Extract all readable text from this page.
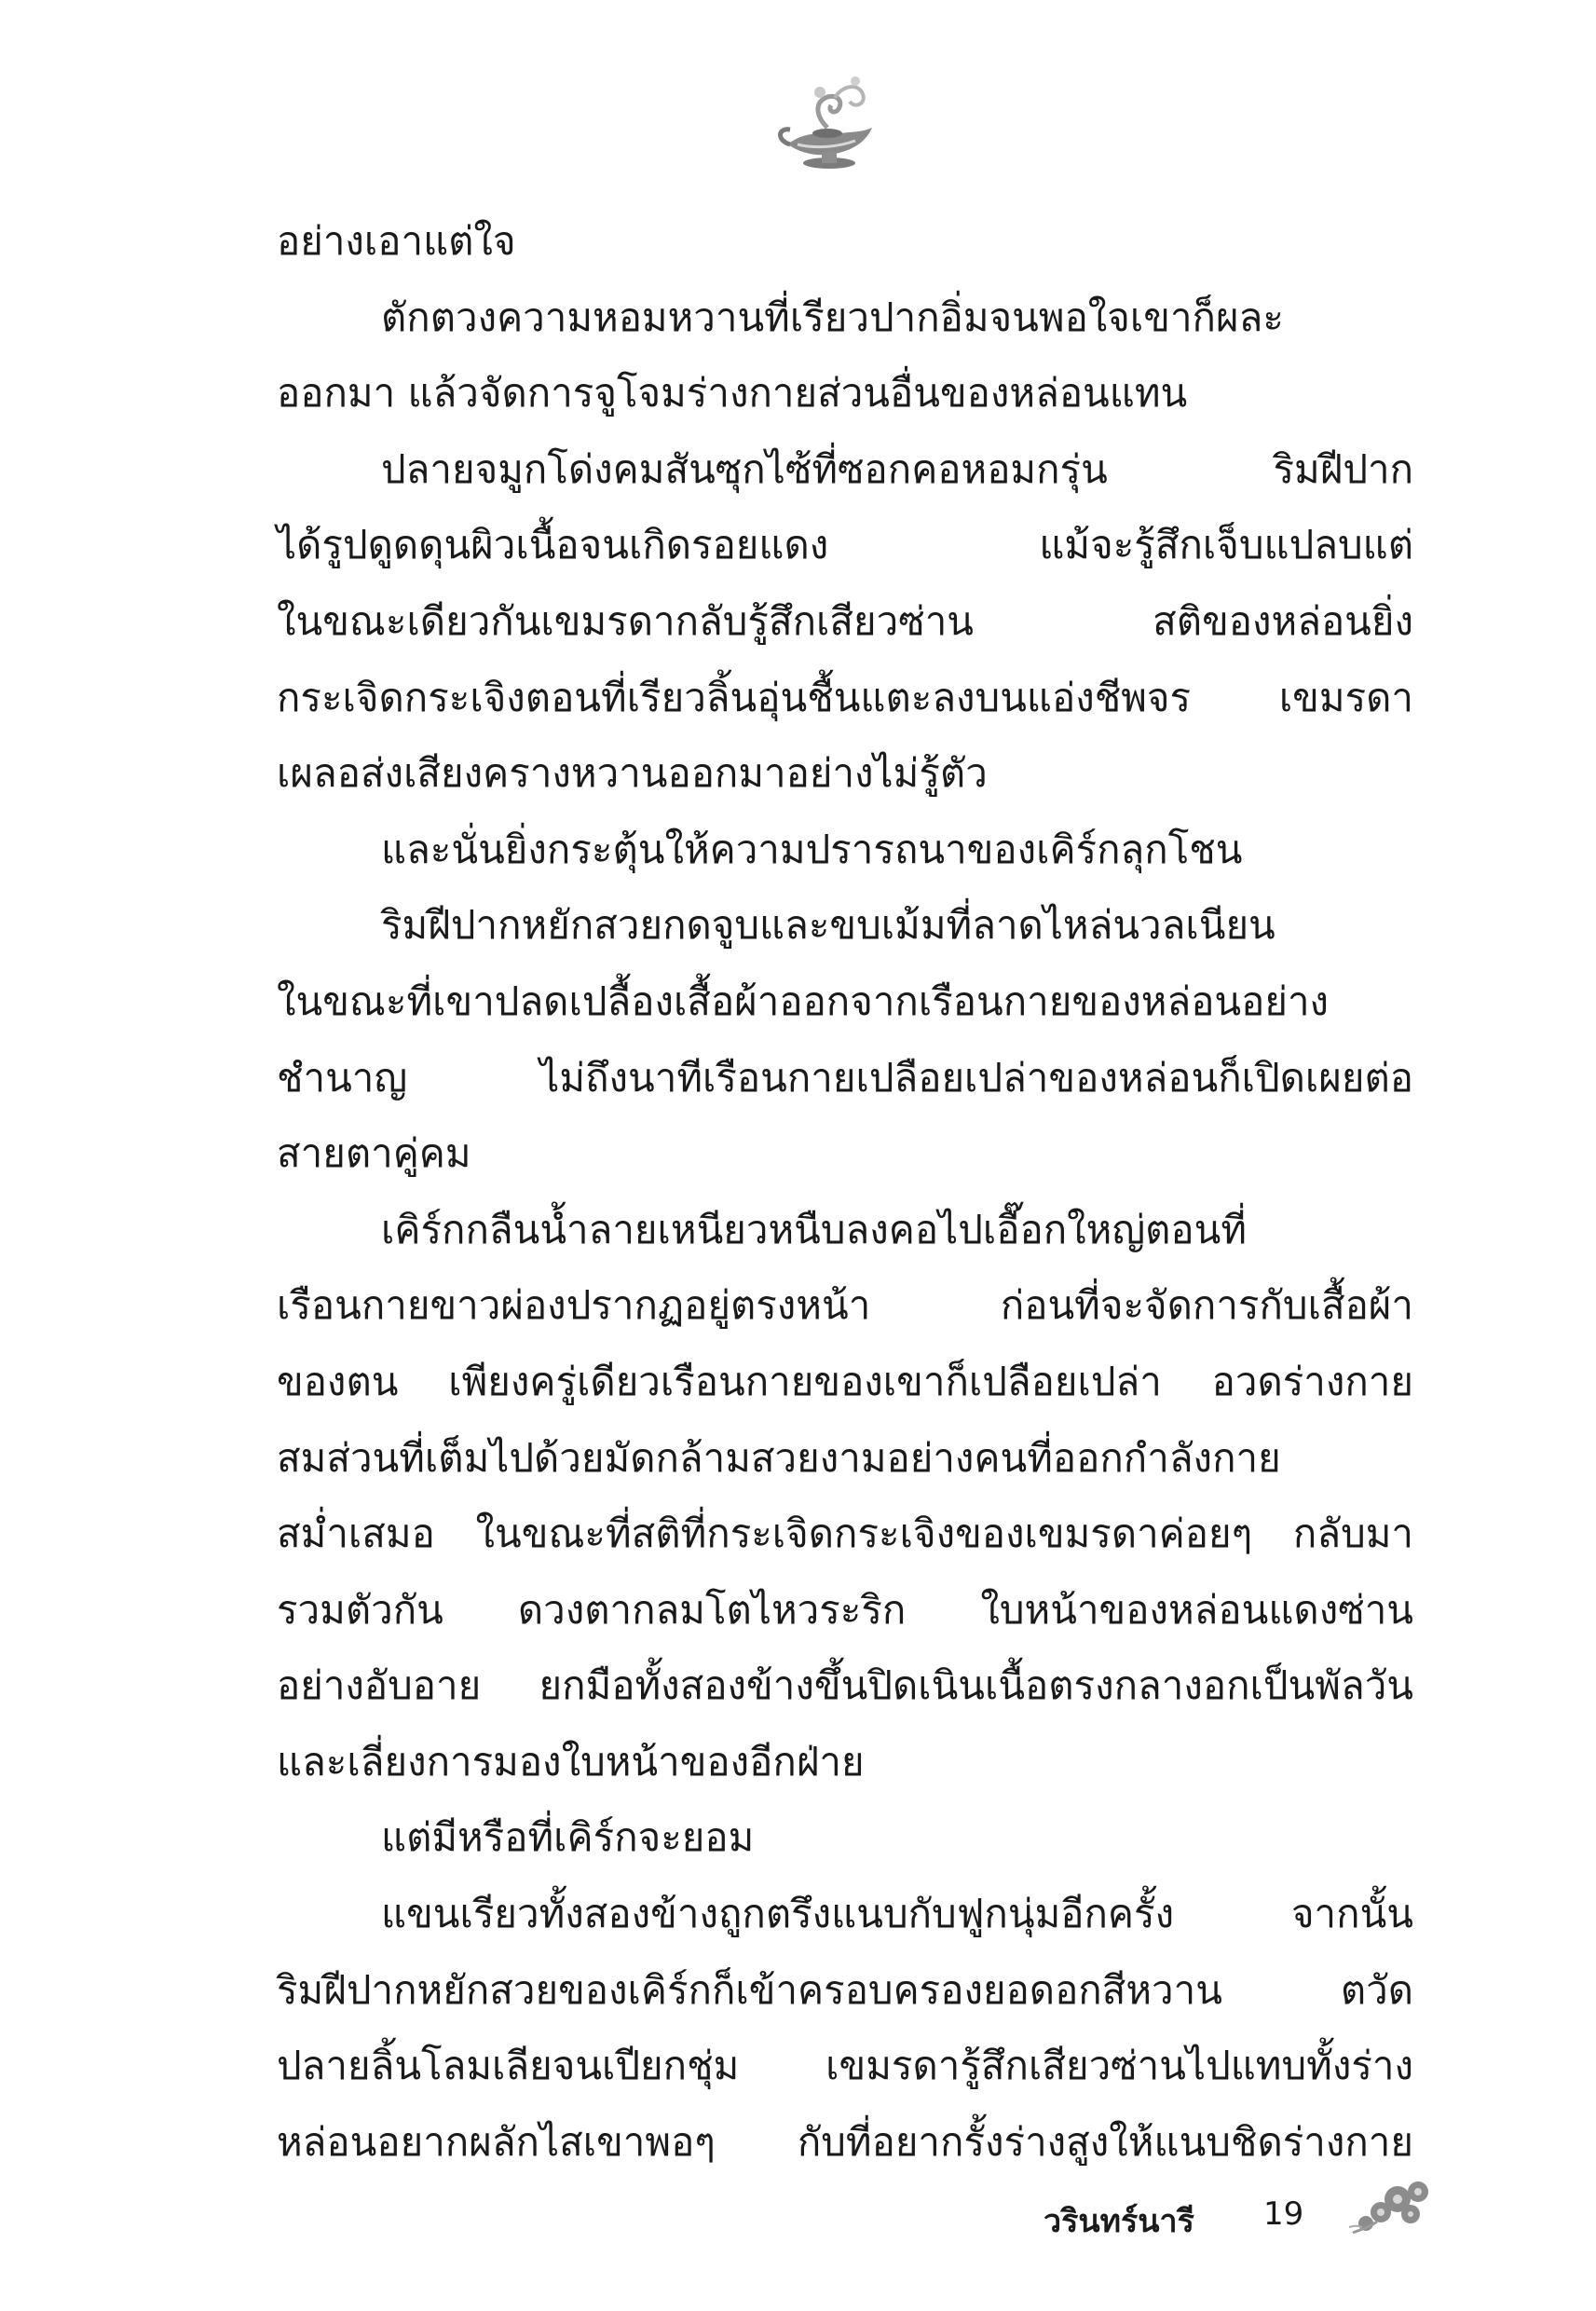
อย่างเอาแต่ใจ
ตักตวงความหอมหวานที่เรียวปากอิ่มจนพอใจเขาก็ผละ
ออกมา แล้วจัดการจูโจมร่างกายส่วนอื่นของหล่อนแทน
ปลายจมูกโด่งคมสันซุกไซ้ที่ซอกคอหอมกรุ่น ริมฝีปาก
ได้รูปดูดดุนผิวเนื้อจนเกิดรอยแดง แม้จะรู้สึกเจ็บแปลบแต่
ในขณะเดียวกันเขมรดากลับรู้สึกเสียวซ่าน สติของหล่อนยิ่ง
กระเจิดกระเจิงตอนที่เรียวลิ้นอุ่นชื้นแตะลงบนแอ่งชีพจร เขมรดา
เผลอส่งเสียงครางหวานออกมาอย่างไม่รู้ตัว
และนั่นยิ่งกระตุ้นให้ความปรารถนาของเคิร์กลุกโชน
ริมฝีปากหยักสวยกดจูบและขบเม้มที่ลาดไหล่นวลเนียน
ในขณะที่เขาปลดเปลื้องเสื้อผ้าออกจากเรือนกายของหล่อนอย่าง
ชำนาญ ไม่ถึงนาทีเรือนกายเปลือยเปล่าของหล่อนก็เปิดเผยต่อ
สายตาคู่คม
เคิร์กกลืนน้ำลายเหนียวหนืบลงคอไปเอื๊อกใหญ่ตอนที่
เรือนกายขาวผ่องปรากฏอยู่ตรงหน้า ก่อนที่จะจัดการกับเสื้อผ้า
ของตน เพียงครู่เดียวเรือนกายของเขาก็เปลือยเปล่า อวดร่างกาย
สมส่วนที่เต็มไปด้วยมัดกล้ามสวยงามอย่างคนที่ออกกำลังกาย
สม่ำเสมอ ในขณะที่สติที่กระเจิดกระเจิงของเขมรดาค่อยๆ กลับมา
รวมตัวกัน ดวงตากลมโตไหวระริก ใบหน้าของหล่อนแดงซ่าน
อย่างอับอาย ยกมือทั้งสองข้างขึ้นปิดเนินเนื้อตรงกลางอกเป็นพัลวัน
และเลี่ยงการมองใบหน้าของอีกฝ่าย
แต่มีหรือที่เคิร์กจะยอม
แขนเรียวทั้งสองข้างถูกตรึงแนบกับฟูกนุ่มอีกครั้ง จากนั้น
ริมฝีปากหยักสวยของเคิร์กก็เข้าครอบครองยอดอกสีหวาน ตวัด
ปลายลิ้นโลมเลียจนเปียกชุ่ม เขมรดารู้สึกเสียวซ่านไปแทบทั้งร่าง
หล่อนอยากผลักไสเขาพอๆ กับที่อยากรั้งร่างสูงให้แนบชิดร่างกาย
วรินทร์นารี 19
